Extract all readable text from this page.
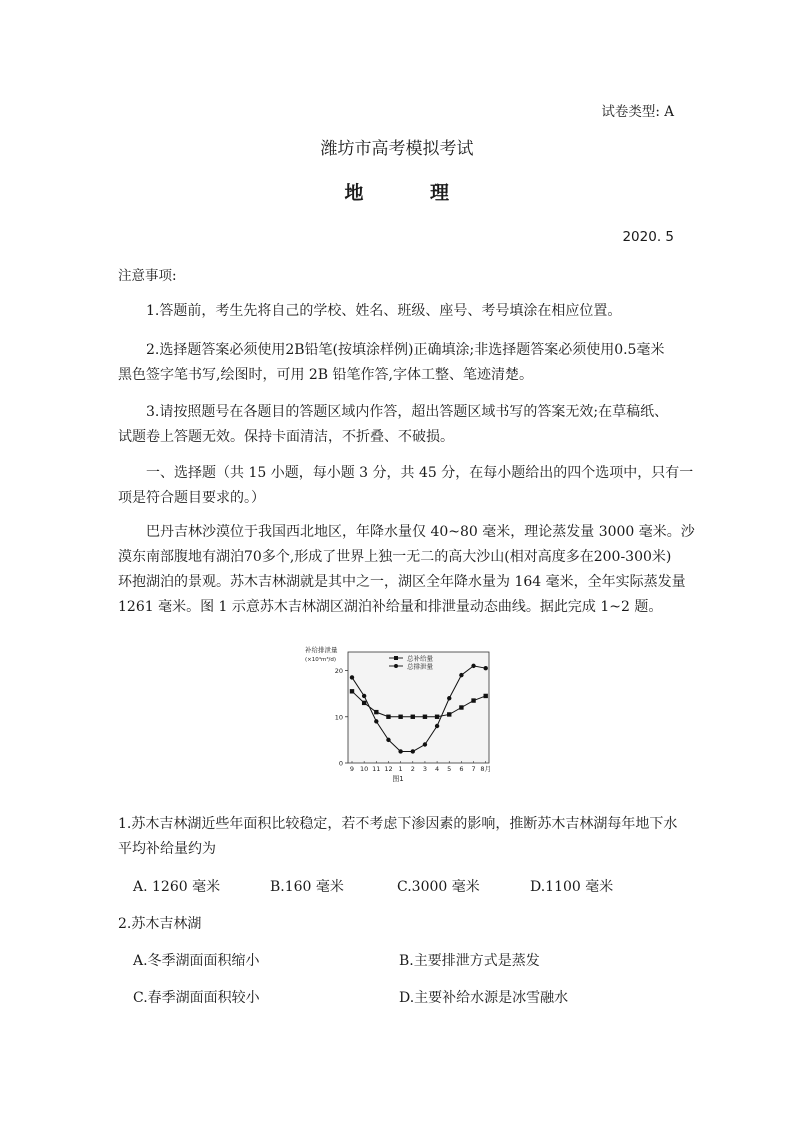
试卷类型: A
潍坊市高考模拟考试
地	理
2020. 5
注意事项:
1.答题前，考生先将自己的学校、姓名、班级、座号、考号填涂在相应位置。
2.选择题答案必须使用2B铅笔(按填涂样例)正确填涂;非选择题答案必须使用0.5毫米
黑色签字笔书写,绘图时，可用 2B 铅笔作答,字体工整、笔迹清楚。
3.请按照题号在各题目的答题区域内作答，超出答题区域书写的答案无效;在草稿纸、
试题卷上答题无效。保持卡面清洁，不折叠、不破损。
一、选择题（共 15 小题，每小题 3 分，共 45 分，在每小题给出的四个选项中，只有一
项是符合题目要求的。）
巴丹吉林沙漠位于我国西北地区，年降水量仅 40~80 毫米，理论蒸发量 3000 毫米。沙
漠东南部腹地有湖泊70多个,形成了世界上独一无二的高大沙山(相对高度多在200-300米)
环抱湖泊的景观。苏木吉林湖就是其中之一，湖区全年降水量为 164 毫米，全年实际蒸发量
1261 毫米。图 1 示意苏木吉林湖区湖泊补给量和排泄量动态曲线。据此完成 1~2 题。
补给排泄量
(×10⁴m³/d)
0
10
20
9 10 11 12 1 2 3 4 5 6 7 8月
总补给量
总排泄量
图1
1.苏木吉林湖近些年面积比较稳定，若不考虑下渗因素的影响，推断苏木吉林湖每年地下水
平均补给量约为
A. 1260 毫米	B.160 毫米	C.3000 毫米	D.1100 毫米
2.苏木吉林湖
A.冬季湖面面积缩小	B.主要排泄方式是蒸发
C.春季湖面面积较小	D.主要补给水源是冰雪融水
